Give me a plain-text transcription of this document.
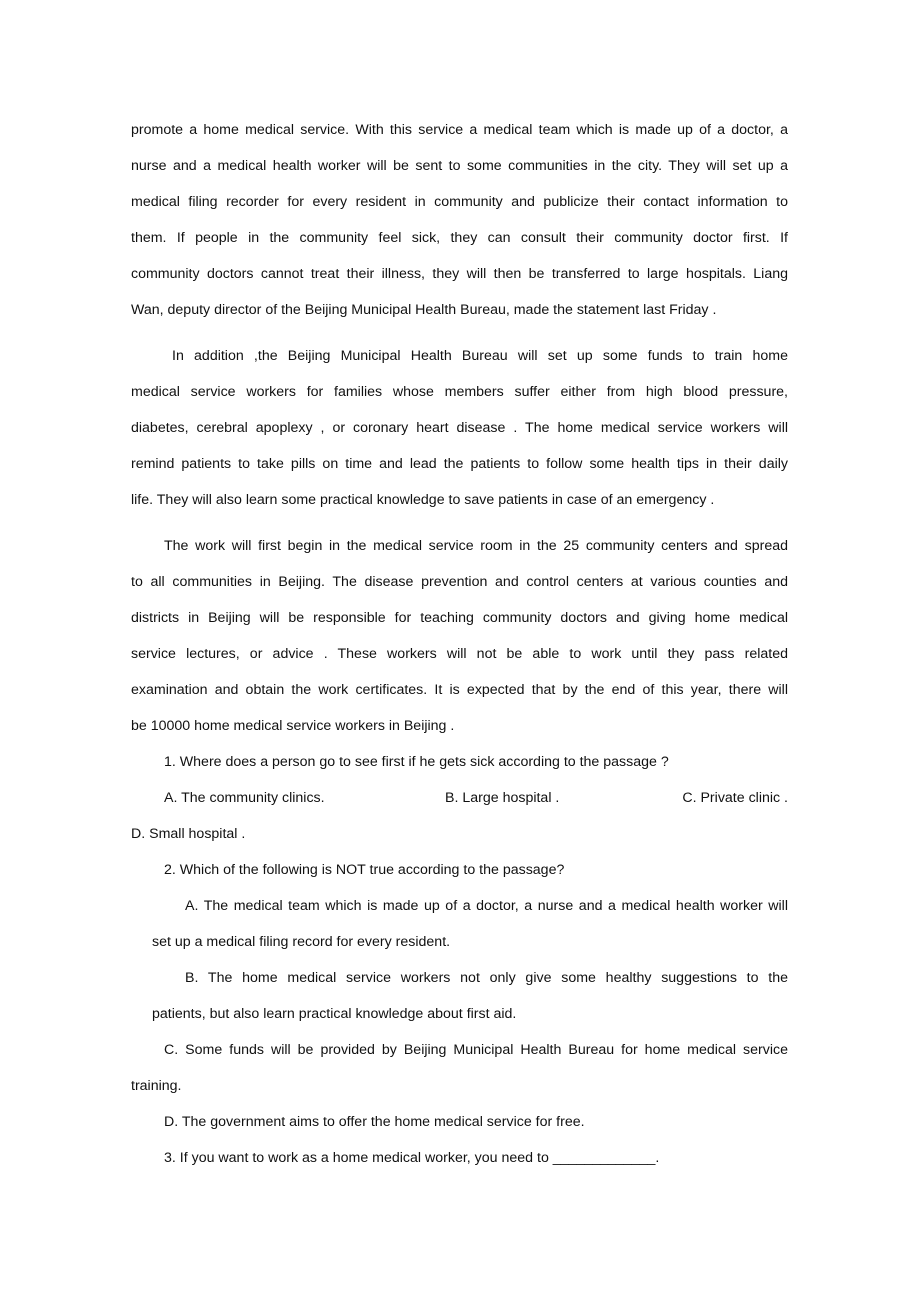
promote a home medical service. With this service a medical team which is made up of a doctor, a
nurse and a medical health worker will be sent to some communities in the city. They will set up a
medical filing recorder for every resident in community and publicize their contact information to
them. If people in the community feel sick, they can consult their community doctor first. If
community doctors cannot treat their illness, they will then be transferred to large hospitals. Liang
Wan, deputy director of the Beijing Municipal Health Bureau, made the statement last Friday .
In addition ,the Beijing Municipal Health Bureau will set up some funds to train home
medical service workers for families whose members suffer either from high blood pressure,
diabetes, cerebral apoplexy , or coronary heart disease . The home medical service workers will
remind patients to take pills on time and lead the patients to follow some health tips in their daily
life. They will also learn some practical knowledge to save patients in case of an emergency .
The work will first begin in the medical service room in the 25 community centers and spread
to all communities in Beijing. The disease prevention and control centers at various counties and
districts in Beijing will be responsible for teaching community doctors and giving home medical
service lectures, or advice . These workers will not be able to work until they pass related
examination and obtain the work certificates. It is expected that by the end of this year, there will
be 10000 home medical service workers in Beijing .
1. Where does a person go to see first if he gets sick according to the passage ?
A. The community clinics.	B. Large hospital .	C. Private clinic .
D. Small hospital .
2. Which of the following is NOT true according to the passage?
A. The medical team which is made up of a doctor, a nurse and a medical health worker will
set up a medical filing record for every resident.
B. The home medical service workers not only give some healthy suggestions to the
patients, but also learn practical knowledge about first aid.
C. Some funds will be provided by Beijing Municipal Health Bureau for home medical service
training.
D. The government aims to offer the home medical service for free.
3. If you want to work as a home medical worker, you need to _____________.
